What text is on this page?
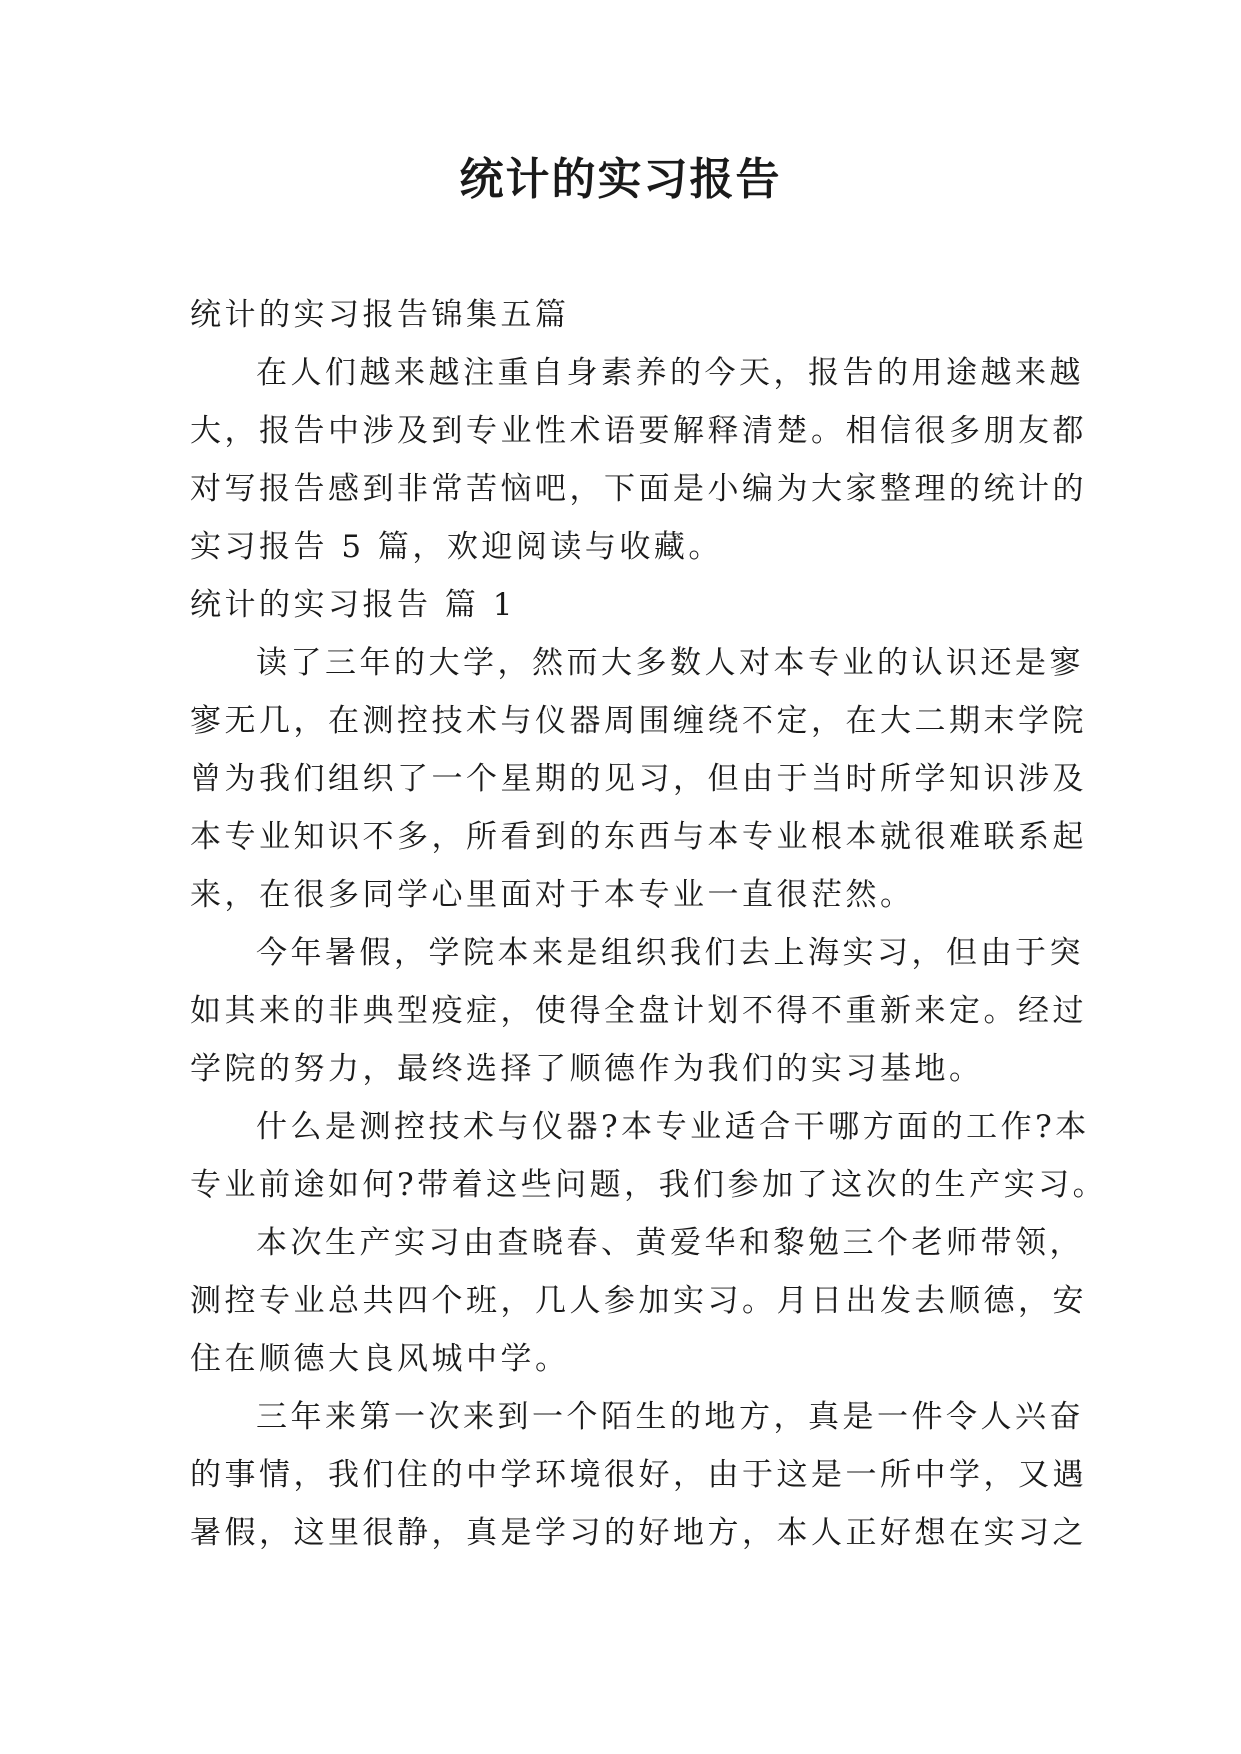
统计的实习报告

统计的实习报告锦集五篇

在人们越来越注重自身素养的今天，报告的用途越来越

大，报告中涉及到专业性术语要解释清楚。相信很多朋友都

对写报告感到非常苦恼吧，下面是小编为大家整理的统计的

实习报告 5 篇，欢迎阅读与收藏。

统计的实习报告 篇 1

读了三年的大学，然而大多数人对本专业的认识还是寥

寥无几，在测控技术与仪器周围缠绕不定，在大二期末学院

曾为我们组织了一个星期的见习，但由于当时所学知识涉及

本专业知识不多，所看到的东西与本专业根本就很难联系起

来，在很多同学心里面对于本专业一直很茫然。

今年暑假，学院本来是组织我们去上海实习，但由于突

如其来的非典型疫症，使得全盘计划不得不重新来定。经过

学院的努力，最终选择了顺德作为我们的实习基地。

什么是测控技术与仪器?本专业适合干哪方面的工作?本

专业前途如何?带着这些问题，我们参加了这次的生产实习。

本次生产实习由查晓春、黄爱华和黎勉三个老师带领，

测控专业总共四个班，几人参加实习。月日出发去顺德，安

住在顺德大良风城中学。

三年来第一次来到一个陌生的地方，真是一件令人兴奋

的事情，我们住的中学环境很好，由于这是一所中学，又遇

暑假，这里很静，真是学习的好地方，本人正好想在实习之
